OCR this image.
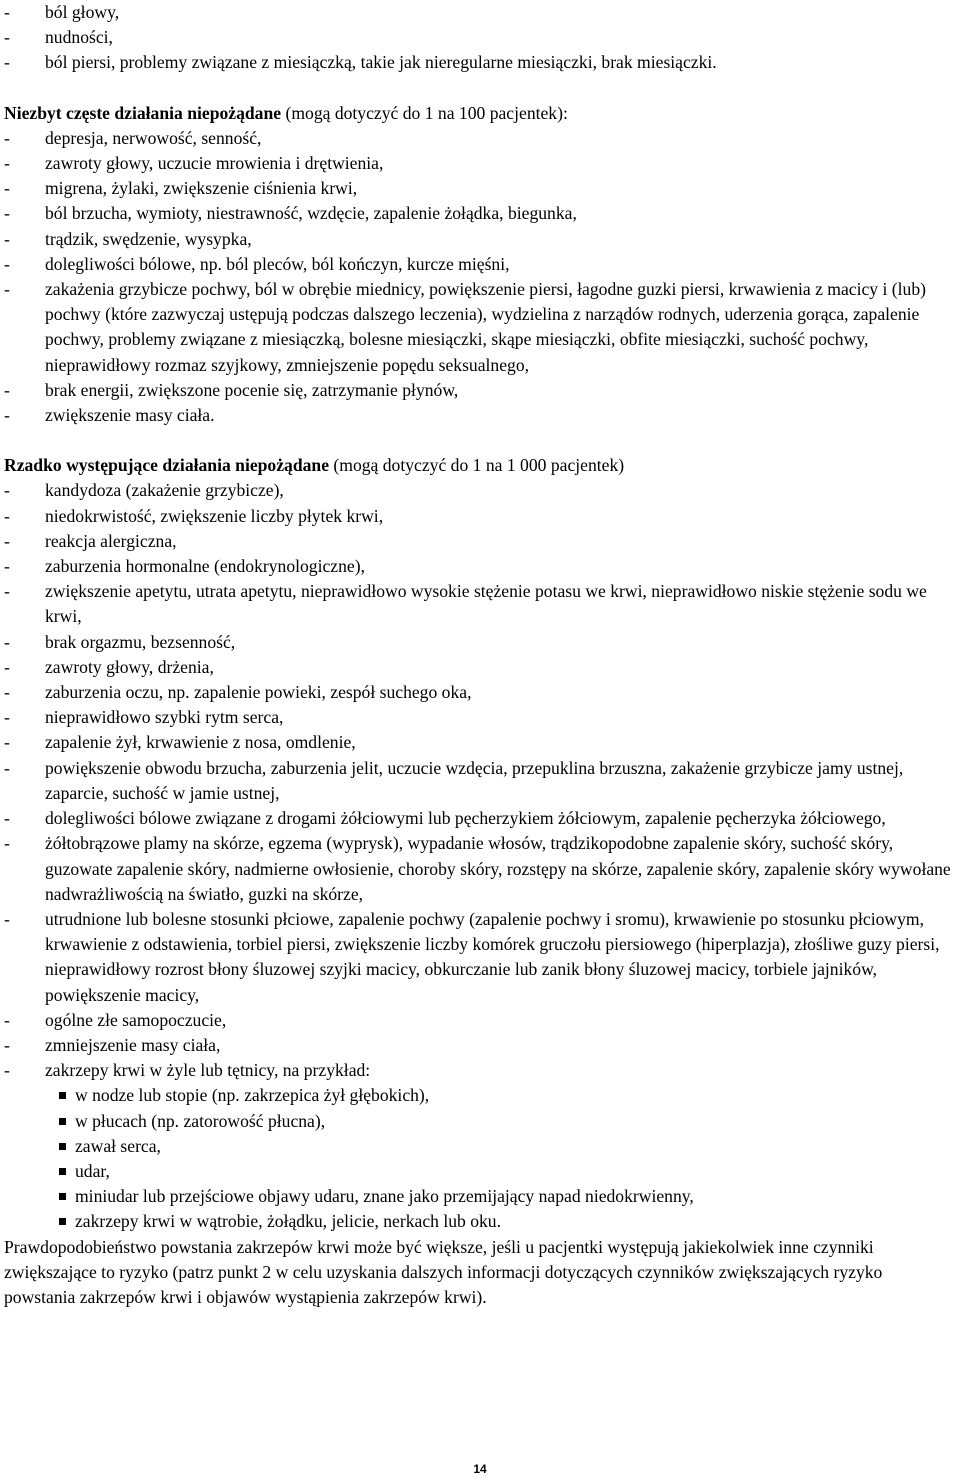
- ból głowy,
- nudności,
- ból piersi, problemy związane z miesiączką, takie jak nieregularne miesiączki, brak miesiączki.

Niezbyt częste działania niepożądane (mogą dotyczyć do 1 na 100 pacjentek):

- depresja, nerwowość, senność,
- zawroty głowy, uczucie mrowienia i drętwienia,
- migrena, żylaki, zwiększenie ciśnienia krwi,
- ból brzucha, wymioty, niestrawność, wzdęcie, zapalenie żołądka, biegunka,
- trądzik, swędzenie, wysypka,
- dolegliwości bólowe, np. ból pleców, ból kończyn, kurcze mięśni,
- zakażenia grzybicze pochwy, ból w obrębie miednicy, powiększenie piersi, łagodne guzki piersi, krwawienia z macicy i (lub) pochwy (które zazwyczaj ustępują podczas dalszego leczenia), wydzielina z narządów rodnych, uderzenia gorąca, zapalenie pochwy, problemy związane z miesiączką, bolesne miesiączki, skąpe miesiączki, obfite miesiączki, suchość pochwy, nieprawidłowy rozmaz szyjkowy, zmniejszenie popędu seksualnego,
- brak energii, zwiększone pocenie się, zatrzymanie płynów,
- zwiększenie masy ciała.

Rzadko występujące działania niepożądane (mogą dotyczyć do 1 na 1 000 pacjentek)

- kandydoza (zakażenie grzybicze),
- niedokrwistość, zwiększenie liczby płytek krwi,
- reakcja alergiczna,
- zaburzenia hormonalne (endokrynologiczne),
- zwiększenie apetytu, utrata apetytu, nieprawidłowo wysokie stężenie potasu we krwi, nieprawidłowo niskie stężenie sodu we krwi,
- brak orgazmu, bezsenność,
- zawroty głowy, drżenia,
- zaburzenia oczu, np. zapalenie powieki, zespół suchego oka,
- nieprawidłowo szybki rytm serca,
- zapalenie żył, krwawienie z nosa, omdlenie,
- powiększenie obwodu brzucha, zaburzenia jelit, uczucie wzdęcia, przepuklina brzuszna, zakażenie grzybicze jamy ustnej, zaparcie, suchość w jamie ustnej,
- dolegliwości bólowe związane z drogami żółciowymi lub pęcherzykiem żółciowym, zapalenie pęcherzyka żółciowego,
- żółtobrązowe plamy na skórze, egzema (wyprysk), wypadanie włosów, trądzikopodobne zapalenie skóry, suchość skóry, guzowate zapalenie skóry, nadmierne owłosienie, choroby skóry, rozstępy na skórze, zapalenie skóry, zapalenie skóry wywołane nadwrażliwością na światło, guzki na skórze,
- utrudnione lub bolesne stosunki płciowe, zapalenie pochwy (zapalenie pochwy i sromu), krwawienie po stosunku płciowym, krwawienie z odstawienia, torbiel piersi, zwiększenie liczby komórek gruczołu piersiowego (hiperplazja), złośliwe guzy piersi, nieprawidłowy rozrost błony śluzowej szyjki macicy, obkurczanie lub zanik błony śluzowej macicy, torbiele jajników, powiększenie macicy,
- ogólne złe samopoczucie,
- zmniejszenie masy ciała,
- zakrzepy krwi w żyle lub tętnicy, na przykład:
w nodze lub stopie (np. zakrzepica żył głębokich),
w płucach (np. zatorowość płucna),
zawał serca,
udar,
miniudar lub przejściowe objawy udaru, znane jako przemijający napad niedokrwienny,
zakrzepy krwi w wątrobie, żołądku, jelicie, nerkach lub oku.

Prawdopodobieństwo powstania zakrzepów krwi może być większe, jeśli u pacjentki występują jakiekolwiek inne czynniki zwiększające to ryzyko (patrz punkt 2 w celu uzyskania dalszych informacji dotyczących czynników zwiększających ryzyko powstania zakrzepów krwi i objawów wystąpienia zakrzepów krwi).

14
